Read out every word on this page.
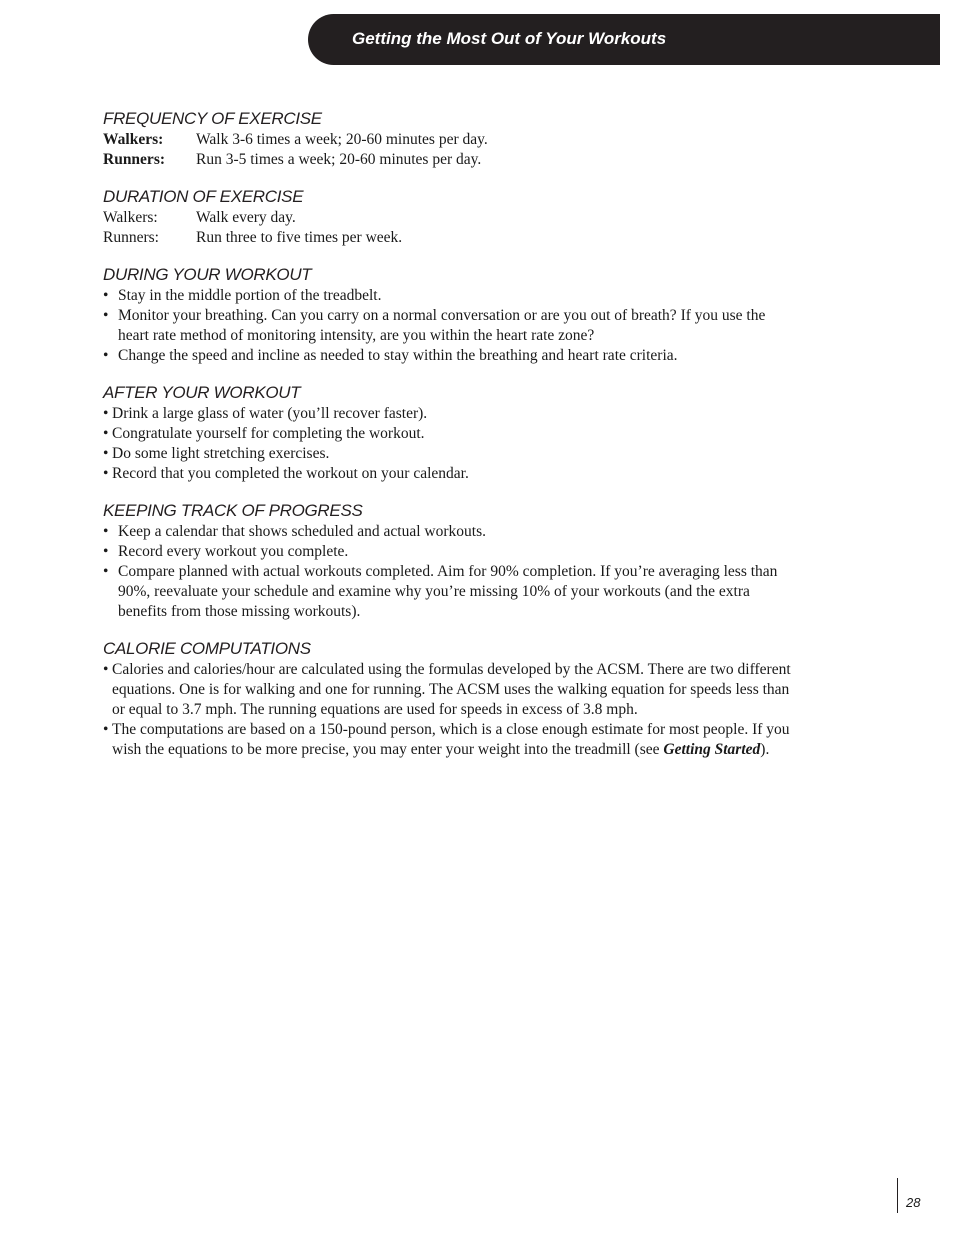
Getting the Most Out of Your Workouts
FREQUENCY OF EXERCISE
Walkers:	Walk 3-6 times a week; 20-60 minutes per day.
Runners:	Run 3-5 times a week; 20-60 minutes per day.
DURATION OF EXERCISE
Walkers:	Walk every day.
Runners:	Run three to five times per week.
DURING YOUR WORKOUT
• Stay in the middle portion of the treadbelt.
• Monitor your breathing. Can you carry on a normal conversation or are you out of breath? If you use the heart rate method of monitoring intensity, are you within the heart rate zone?
• Change the speed and incline as needed to stay within the breathing and heart rate criteria.
AFTER YOUR WORKOUT
• Drink a large glass of water (you’ll recover faster).
• Congratulate yourself for completing the workout.
• Do some light stretching exercises.
• Record that you completed the workout on your calendar.
KEEPING TRACK OF PROGRESS
• Keep a calendar that shows scheduled and actual workouts.
• Record every workout you complete.
• Compare planned with actual workouts completed. Aim for 90% completion. If you’re averaging less than 90%, reevaluate your schedule and examine why you’re missing 10% of your workouts (and the extra benefits from those missing workouts).
CALORIE COMPUTATIONS
• Calories and calories/hour are calculated using the formulas developed by the ACSM. There are two different equations. One is for walking and one for running. The ACSM uses the walking equation for speeds less than or equal to 3.7 mph. The running equations are used for speeds in excess of 3.8 mph.
• The computations are based on a 150-pound person, which is a close enough estimate for most people. If you wish the equations to be more precise, you may enter your weight into the treadmill (see Getting Started).
28
